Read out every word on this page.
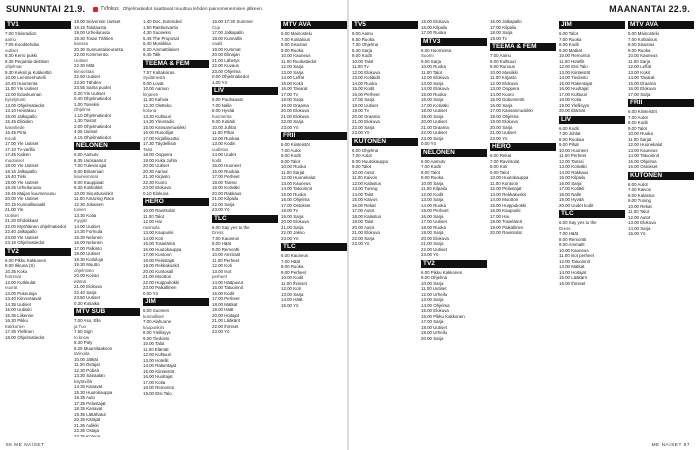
SUNNUNTAI 21.9.	TVfokus Ohjelmatiedot saattavat muuttua lehden painomenemisen jälkeen.
TV1
7.00 Yleisradion
aamu
7.05 Kooditehdas
uutiset
8.30 Kerro pukki
8.35 Perjantai-deittiset
ohjelmat
9.30 Keksit ja Kotikeittiö
10.00 Lemmenhotelli
10.40 Huomenta
11.00 Yle Uutiset
12.00 Eduskunnan
kyselytunti
13.00 Ohjelmatiedot
13.10 Heinäkuu
15.00 Jalkapallo
15.45 Eliöiden
kasvitiede
16.45 Pirta
Koodi
17.00 Yle Uutiset
17.10 Tv-varilla
17.45 Kaiken
muotoiset
18.00 Yle Uutiset
18.15 Jalkapallo
18.40 Tiski
19.00 Yle Uutiset
19.25 Urheiluruutu
19.45 Maijan kuumeruusu
20.00 Yle Uutiset
20.15 Kunnallisvaalit
21.00 Yle
Uutiset
21.20 Ehdokkaat
22.00 Myöhäinen ohjelmatiedot
22.40 Jalkapallo
23.00 Yle Uutiset
23.15 Ohjelmatiedot
TV2
6.00 Pikku Kakkonen
9.00 Ikkuna (S)
10.35 Koko
hommat
12.00 Kurkkulat
nuorat
13.00 Pukeutuja
13.40 Kiinnostavat
14.35 Uutiset
15.00 Uutisiiri
15.35 Liikenne
16.30 Pikku
Kakkonen
17.35 Ylellinen
18.00 Ohjelmatiedot
18.00 Selvennin Uutiset
18.15 Talotausta
19.00 Urheiluruutu
19.30 Tosioi Tähtien
kanssa
20.30 Sunnuntaiseuranta
22.00 Kommentoi
Uutiset
22.30 Mitä
kiinnostaa
22.50 Uutiset
23.20 Tähden
23.55 Sama puolet
0.20 Yle Uutiset
0.40 Ohjelmatiedot
1.00 Toiseksi
Ohjelma
1.10 Ohjelmatiedot
1.30 Toistot
2.00 Ohjelmatiedot
4.05 Uutiset
4.15 Ohjelmatiedot
NELONEN
6.00 Aamutv
6.35 Uutisaamut
7.00 Tulevat ajat
8.00 Britannian
kauneimmat
9.00 Kauppiaat
9.30 Kotikokkit
10.00 Sisustusvinkit
11.00 Amazing Race
12.30 Jokaisen
toinen
13.30 Kotia
myyjät
14.00 Uutiset
14.30 Formula
15.30 Nelonen
16.00 Nelonen
17.00 Palkinto
18.00 Uutiset
18.30 Kotioloja
19.30 Muutto
ohjelmisto
20.00 Koiran
elämä
21.00 Elokuva
22.40 Sarja
23.50 Uutiset
0.30 Kotiaika
MTV SUB
7.00 Asu, Elle
ja Tuo
7.50 Sign
to know
8.30 Pöly
9.25 Muumilaakson
tarinoita
10.00 Jätkät
11.30 Ostajat
12.30 Poliisit
13.30 Sairaalan
käytävillä
14.30 Kanavat
15.30 Huutokauppa
16.35 Auto
17.35 Pelastajat
18.35 Kanavat
19.35 Lättähatut
20.35 Käräjät
21.35 Aulikki
22.35 Ostaja
23.35 Kotona
1.40 Doc. Extended
1.50 Raittiusvartio
4.30 Suoneksi
5.45 The Proposal
6.40 Musiikkia
8.20 Ammattilaiset
9.45 Talk
TEEMA & FEM
7.57 Kultakoiras
Sydämestä
9.00 Lovat
10.00 Aamun
kirjanen
11.30 Kahvia
12.30 Oletteko
kotona
13.30 Kulttuuri
14.30 Yleisradio
15.00 Kansanmusiikki
16.00 Runoilijat
17.00 Kirjallisuutta
17.30 Täydellisiä
Talot
18.00 Ooppera
19.00 Kuka Juhla
20.00 Uutiset
20.30 Aamut
21.30 Kirjasto
22.30 Kuoro
23.00 Elokuva
0.10 Elokuva
HERO
10.00 Ravintolat
11.00 Talot
12.00 Hai
ravintola
13.00 Kaupunki
14.00 Koti
15.00 Tosielämä
16.00 Huutokauppa
17.00 Kuntoon
18.00 Pelastajat
19.00 Rekkakuskit
20.00 Kuntosali
21.00 Moottori
22.00 Huippukokki
23.00 Paikallinen
0.00 Yö
JIM
6.00 Suomen
kunnalliset
7.00 Alahuone
kaupunkiin
8.00 Ylellisyys
9.00 Tiedosto
10.00 Talot
11.00 Elämät
12.00 Kulttuuri
13.00 Hotellit
14.00 Rakentajat
15.00 Kiinteistöt
16.00 Huoltajat
17.00 Kotia
18.00 Remontoi
19.00 Etsi Talo
16.00 17:30 Summer
Cup
17.00 Jalkapallo
18.00 Kunnallis
vaalit
19.00 Kummat
20.00 Elinajan
21.00 Lähetys
22.00 Kuvaus
23.00 Ohjelma
0.00 Ohjelmatiedot
1.00 Yö
LIV
6.00 Puuhaavat
7.00 Nalle
8.00 Hyvää
huomenta
9.00 Kotiäiti
10.00 Juhlat
11.00 Pihat
12.00 Ruokaa
13.00 Kodin
uudistus
14.00 Uudet
kodit
15.00 Huoneet
16.00 Ruokaa
17.00 Perheet
18.00 Tanssi
19.00 Kotiväki
20.00 Rakkaus
21.00 Kilpailu
22.00 Sarja
23.00 Yö
TLC
6.00 Say yes to the
Dress
7.00 Kauneus
8.00 Häät
9.00 Remontti
10.00 Ammatit
11.00 Perheet
12.00 Koti
13.00 Isot
perheet
14.00 Hääpuvut
15.00 Tatuoinnit
16.00 Kodit
17.00 Perheet
18.00 Matkat
19.00 Häät
20.00 Hoitajat
21.00 Lääkärit
22.00 Ihmiset
23.00 Yö
MTV AVA
6.00 Mainostelu
7.00 Kotitalous
8.00 Sisustus
9.00 Ruoka
10.00 Kauneus
11.00 Ruokatiedot
12.00 Sarja
13.00 Sarja
14.00 Leffat
15.00 Kokit
16.00 Tavarat
17.00 Tv
18.00 Sarja
19.00 Draama
20.00 Elokuva
21.00 Elokuva
22.00 Sarja
23.00 Yö
FRII
6.00 Kiinteistöt
7.00 Autot
8.00 Kodit
9.00 Talot
10.00 Ruoka
11.00 Sarjat
12.00 Huonekalut
13.00 Kauneus
14.00 Tatuoinnit
15.00 Ruoka
16.00 Ohjelma
17.00 Ostokset
18.00 Tv
19.00 Sarja
20.00 Elokuva
21.00 Sarja
22.00 Jakso
23.00 Yö
TLC
6.00 Kauneus
7.00 Häät
8.00 Ruoka
9.00 Perheet
10.00 Kodit
11.00 Ihmiset
12.00 Koti
13.00 Sarja
14.00 Häät
15.00 Yö
56 ME NAISET
MAANANTAI 22.9.
TV5
6.00 Aamu
6.50 Ruoka
7.30 Ohjelma
8.30 Sarja
9.00 Kodit
10.00 Talot
11.00 Tv
12.00 Elokuva
13.00 Kotiäidit
14.00 Ruoka
15.00 Kodit
16.00 Perheet
17.00 Sarja
18.00 Uutiset
19.00 Tv
20.00 Draama
21.00 Elokuva
22.00 Sarja
23.00 Yö
KUTONEN
6.00 Ohjelma
7.00 Autot
8.00 Huutokauppa
9.00 Talot
10.00 Autot
11.00 Kaivos
12.00 Kalastus
13.00 Tuning
14.00 Talot
15.00 Kaivos
16.00 Rekat
17.00 Autot
18.00 Kalastus
19.00 Talot
20.00 Autot
21.00 Elokuva
22.00 Sarja
23.00 Yö
15.00 Elokuva
16.00 Kilpailu
17.00 Ruoka
MTV3
6.00 Huomenta
Suomi
9.00 Sarja
10.00 Ruoka
11.00 Talot
12.00 Elokuva
13.00 Sarja
14.00 Elokuva
15.00 Ruoka
16.00 Sarja
17.00 Kotiväki
18.00 Uutiset
19.00 Sarja
20.00 Uutiset
21.00 Draama
22.00 Uutiset
23.00 Sarja
0.00 Yö
NELONEN
6.00 Aamutv
7.00 Kodit
8.00 Talot
9.00 Ruoka
10.00 Sarja
11.00 Kilpailu
12.00 Kodit
13.00 Sarja
14.00 Ruoka
15.00 Perheet
16.00 Sarja
17.00 Uutiset
18.00 Ruoka
19.00 Sarja
20.00 Elokuva
21.00 Sarja
22.00 Uutiset
23.00 Yö
TV2
6.00 Pikku Kakkonen
9.00 Ohjelma
10.00 Sarja
11.00 Uutiset
12.00 Urheilu
13.00 Sarja
14.00 Ohjelma
15.00 Elokuva
16.00 Pikku Kakkonen
17.00 Sarja
18.00 Uutiset
19.00 Urheilu
20.00 Sarja
16.00 Jalkapallo
17.00 Kilpailu
18.00 Sarja
19.00 Tv
TEEMA & FEM
7.00 Aamu
8.00 Kulttuuri
9.00 Runous
10.00 Musiikki
11.00 Kirjasto
12.00 Elokuva
13.00 Ooppera
14.00 Kuoro
15.00 Dokumentti
16.00 Sarja
17.00 Kansanmusiikki
18.00 Ohjelma
19.00 Elokuva
20.00 Sarja
21.00 Uutiset
22.00 Yö
HERO
6.00 Rekat
7.00 Ravintolat
8.00 Koti
9.00 Talot
10.00 Huutokauppa
11.00 Kuntoon
12.00 Pelastajat
13.00 Rekkakuskit
14.00 Moottori
15.00 Huippukokki
16.00 Kaupunki
17.00 Hai
18.00 Tosielämä
19.00 Paikallinen
20.00 Ravintolat
JIM
6.00 Talot
7.00 Ruoka
8.00 Kodit
9.00 Matkat
10.00 Remontoi
11.00 Hotellit
12.00 Etsi Talo
13.00 Kiinteistöt
14.00 Tiedosto
15.00 Rakentajat
16.00 Huoltajat
17.00 Kulttuuri
18.00 Kotia
19.00 Ylellisyys
20.00 Elämät
LIV
6.00 Kodit
7.00 Juhlat
8.00 Ruokaa
9.00 Pihat
10.00 Huoneet
11.00 Perheet
12.00 Tanssi
13.00 Kotiväki
14.00 Rakkaus
15.00 Kilpailu
16.00 Sarja
17.00 Kotiäiti
18.00 Nalle
19.00 Hyvää
20.00 Uudet kodit
TLC
6.00 Say yes to the
Dress
7.00 Häät
8.00 Remontti
9.00 Ammatit
10.00 Kauneus
11.00 Isot perheet
12.00 Tatuoinnit
13.00 Matkat
14.00 Hoitajat
15.00 Lääkärit
16.00 Ihmiset
MTV AVA
6.00 Mainostelu
7.00 Kotitalous
8.00 Sisustus
9.00 Ruoka
10.00 Kauneus
11.00 Sarja
12.00 Leffat
13.00 Kokit
14.00 Tavarat
15.00 Draama
16.00 Elokuva
17.00 Sarja
FRII
6.00 Kiinteistöt
7.00 Autot
8.00 Kodit
9.00 Talot
10.00 Ruoka
11.00 Sarjat
12.00 Huonekalut
13.00 Kauneus
14.00 Tatuoinnit
15.00 Ohjelma
16.00 Ostokset
KUTONEN
6.00 Autot
7.00 Kaivos
8.00 Kalastus
9.00 Tuning
10.00 Rekat
11.00 Talot
12.00 Autot
13.00 Elokuva
14.00 Sarja
15.00 Yö
ME NAISET 57
